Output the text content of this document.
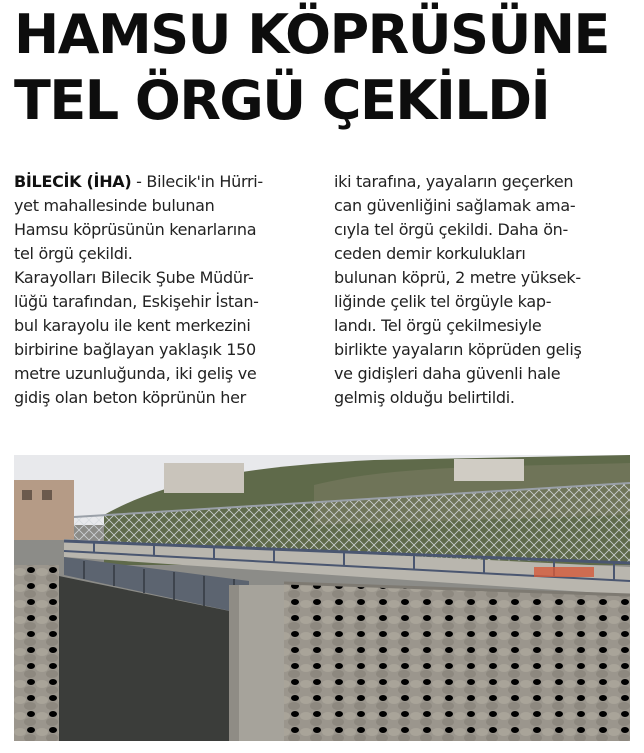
HAMSU KÖPRÜSÜNE
TEL ÖRGÜ ÇEKİLDİ
BİLECİK (İHA) - Bilecik'in Hürri-
yet mahallesinde bulunan
Hamsu köprüsünün kenarlarına
tel örgü çekildi.
Karayolları Bilecik Şube Müdür-
lüğü tarafından, Eskişehir İstan-
bul karayolu ile kent merkezini
birbirine bağlayan yaklaşık 150
metre uzunluğunda, iki geliş ve
gidiş olan beton köprünün her
iki tarafına, yayaların geçerken
can güvenliğini sağlamak ama-
cıyla tel örgü çekildi. Daha ön-
ceden demir korkulukları
bulunan köprü, 2 metre yüksek-
liğinde çelik tel örgüyle kap-
landı. Tel örgü çekilmesiyle
birlikte yayaların köprüden geliş
ve gidişleri daha güvenli hale
gelmiş olduğu belirtildi.
